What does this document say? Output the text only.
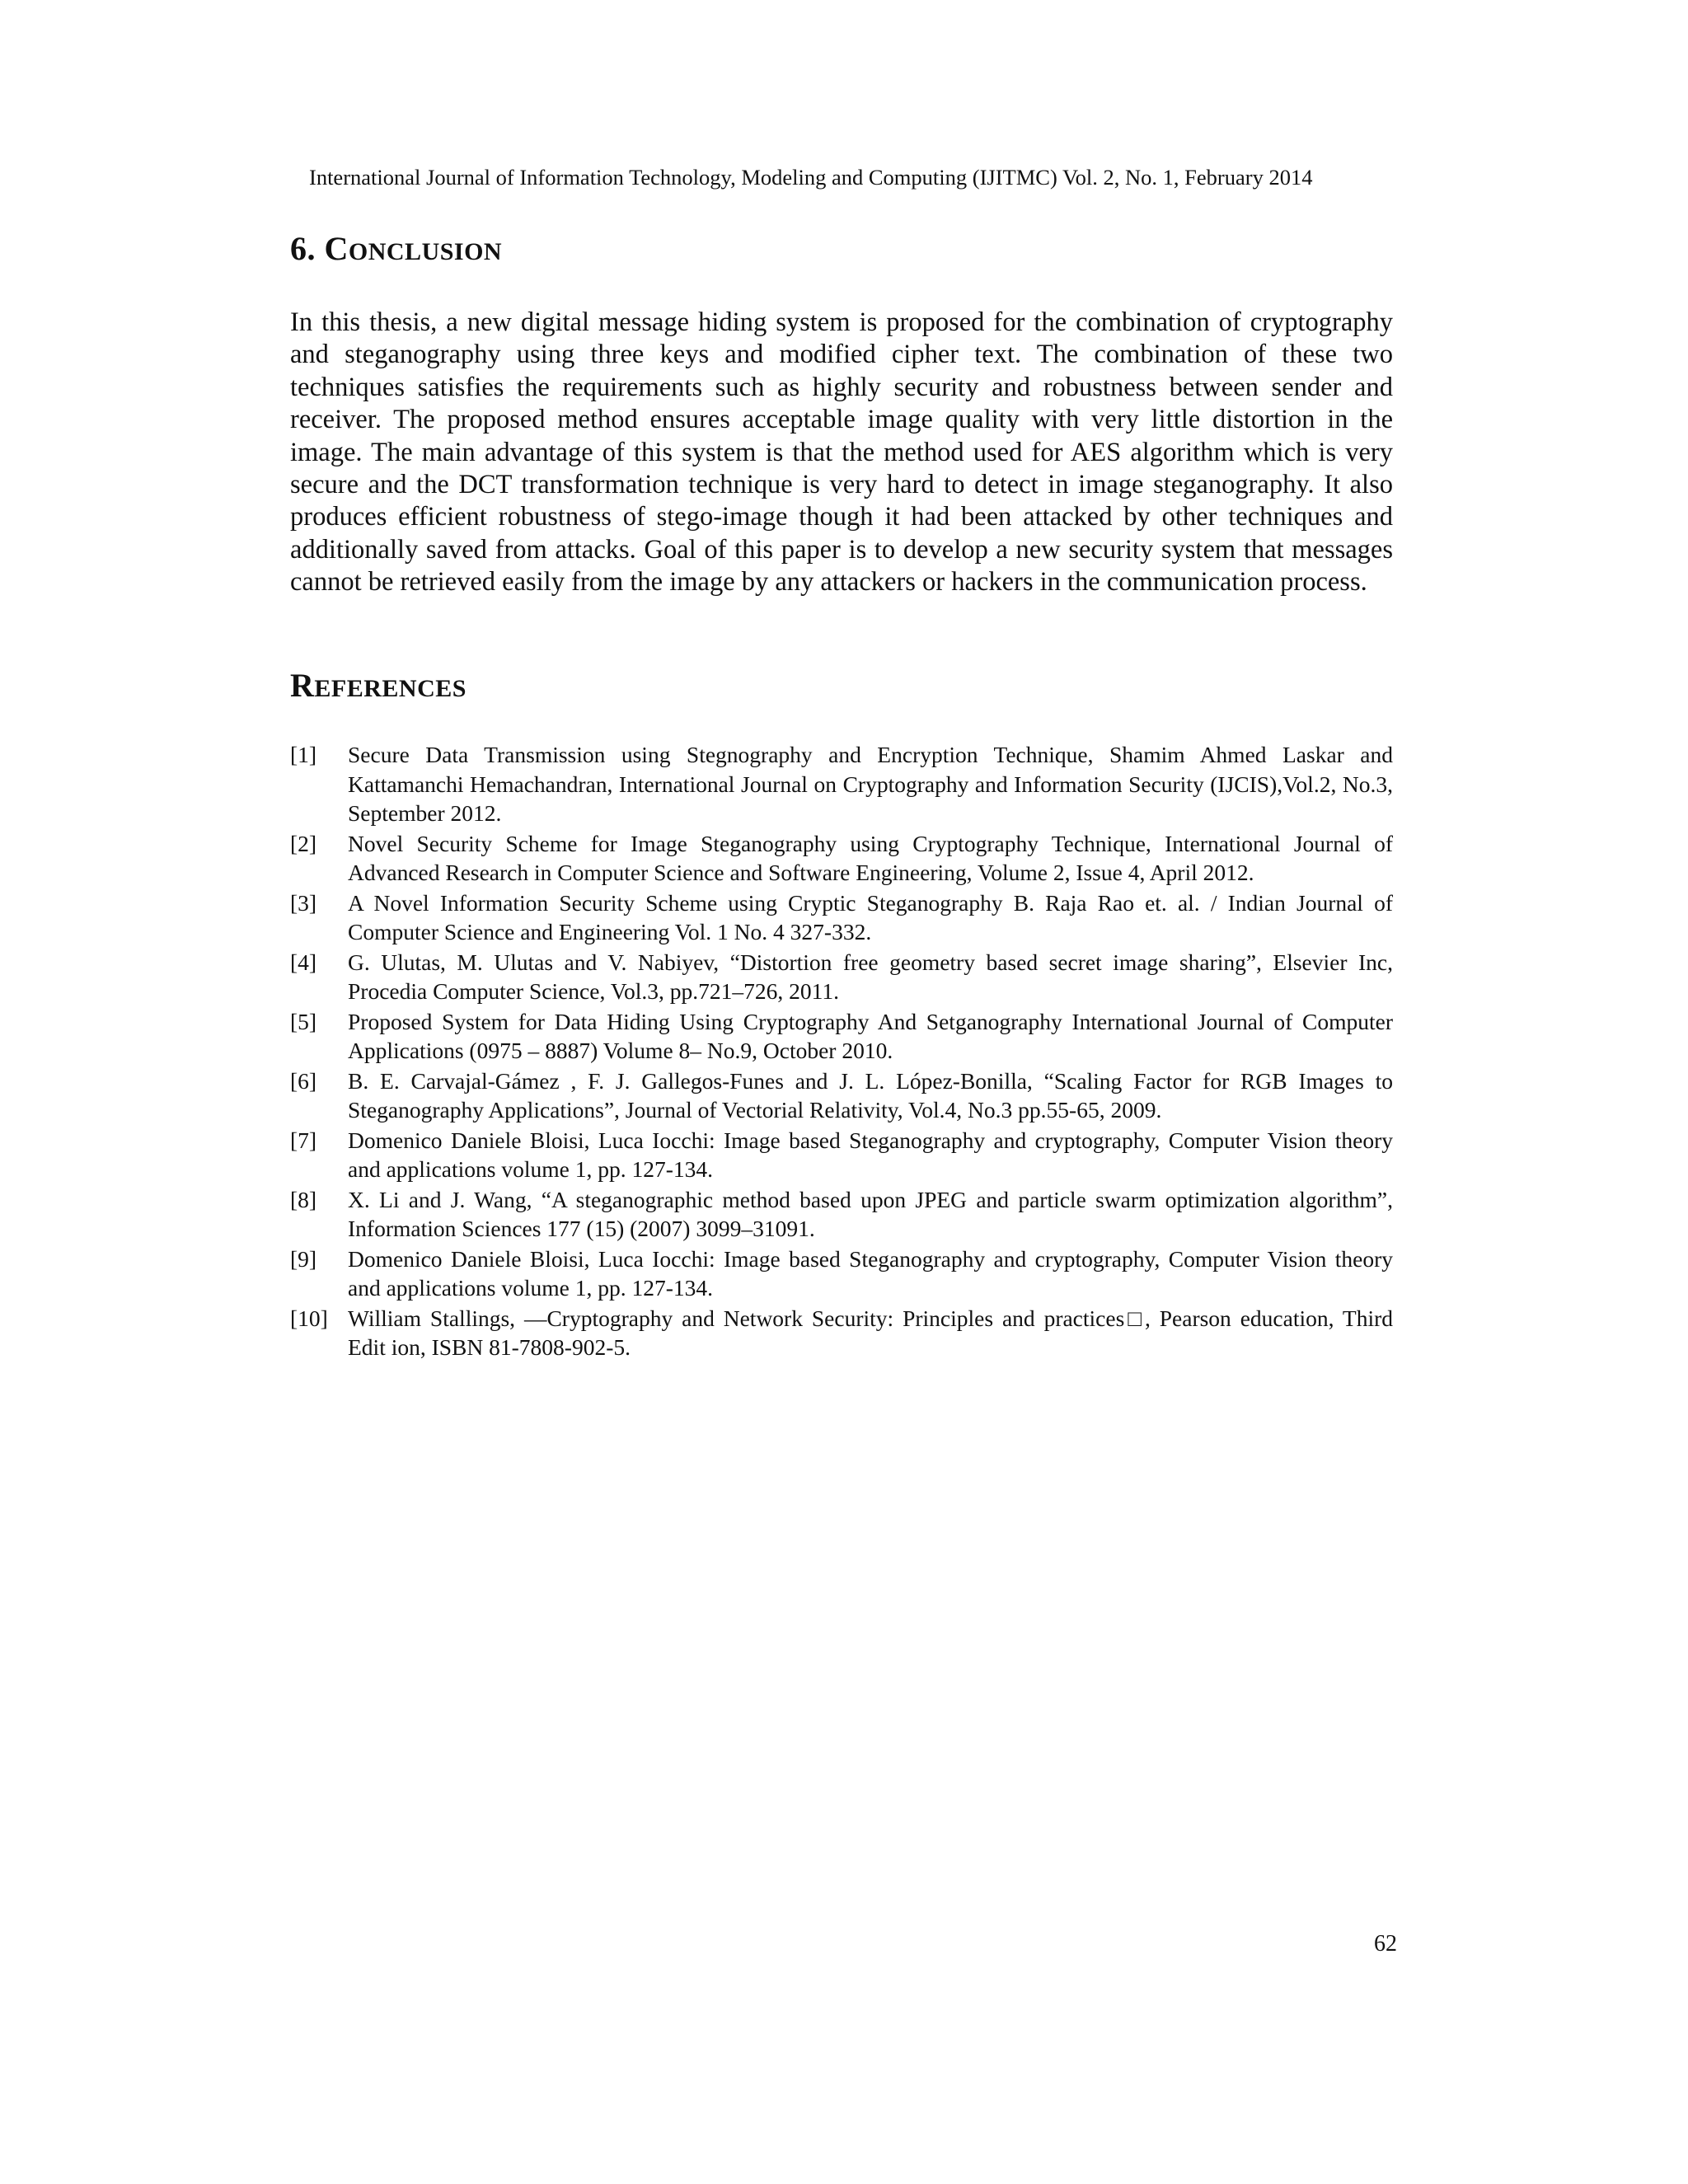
International Journal of Information Technology, Modeling and Computing (IJITMC) Vol. 2, No. 1, February 2014
6. CONCLUSION

In this thesis, a new digital message hiding system is proposed for the combination of cryptography and steganography using three keys and modified cipher text. The combination of these two techniques satisfies the requirements such as highly security and robustness between sender and receiver. The proposed method ensures acceptable image quality with very little distortion in the image. The main advantage of this system is that the method used for AES algorithm which is very secure and the DCT transformation technique is very hard to detect in image steganography. It also produces efficient robustness of stego-image though it had been attacked by other techniques and additionally saved from attacks. Goal of this paper is to develop a new security system that messages cannot be retrieved easily from the image by any attackers or hackers in the communication process.

REFERENCES
[1] Secure Data Transmission using Stegnography and Encryption Technique, Shamim Ahmed Laskar and Kattamanchi Hemachandran, International Journal on Cryptography and Information Security (IJCIS),Vol.2, No.3, September 2012.
[2] Novel Security Scheme for Image Steganography using Cryptography Technique, International Journal of Advanced Research in Computer Science and Software Engineering, Volume 2, Issue 4, April 2012.
[3] A Novel Information Security Scheme using Cryptic Steganography B. Raja Rao et. al. / Indian Journal of Computer Science and Engineering Vol. 1 No. 4 327-332.
[4] G. Ulutas, M. Ulutas and V. Nabiyev, “Distortion free geometry based secret image sharing”, Elsevier Inc, Procedia Computer Science, Vol.3, pp.721–726, 2011.
[5] Proposed System for Data Hiding Using Cryptography And Setganography International Journal of Computer Applications (0975 – 8887) Volume 8– No.9, October 2010.
[6] B. E. Carvajal-Gámez , F. J. Gallegos-Funes and J. L. López-Bonilla, “Scaling Factor for RGB Images to Steganography Applications”, Journal of Vectorial Relativity, Vol.4, No.3 pp.55-65, 2009.
[7] Domenico Daniele Bloisi, Luca Iocchi: Image based Steganography and cryptography, Computer Vision theory and applications volume 1, pp. 127-134.
[8] X. Li and J. Wang, “A steganographic method based upon JPEG and particle swarm optimization algorithm”, Information Sciences 177 (15) (2007) 3099–31091.
[9] Domenico Daniele Bloisi, Luca Iocchi: Image based Steganography and cryptography, Computer Vision theory and applications volume 1, pp. 127-134.
[10] William Stallings, ―Cryptography and Network Security: Principles and practices□, Pearson education, Third Edit ion, ISBN 81-7808-902-5.
62
